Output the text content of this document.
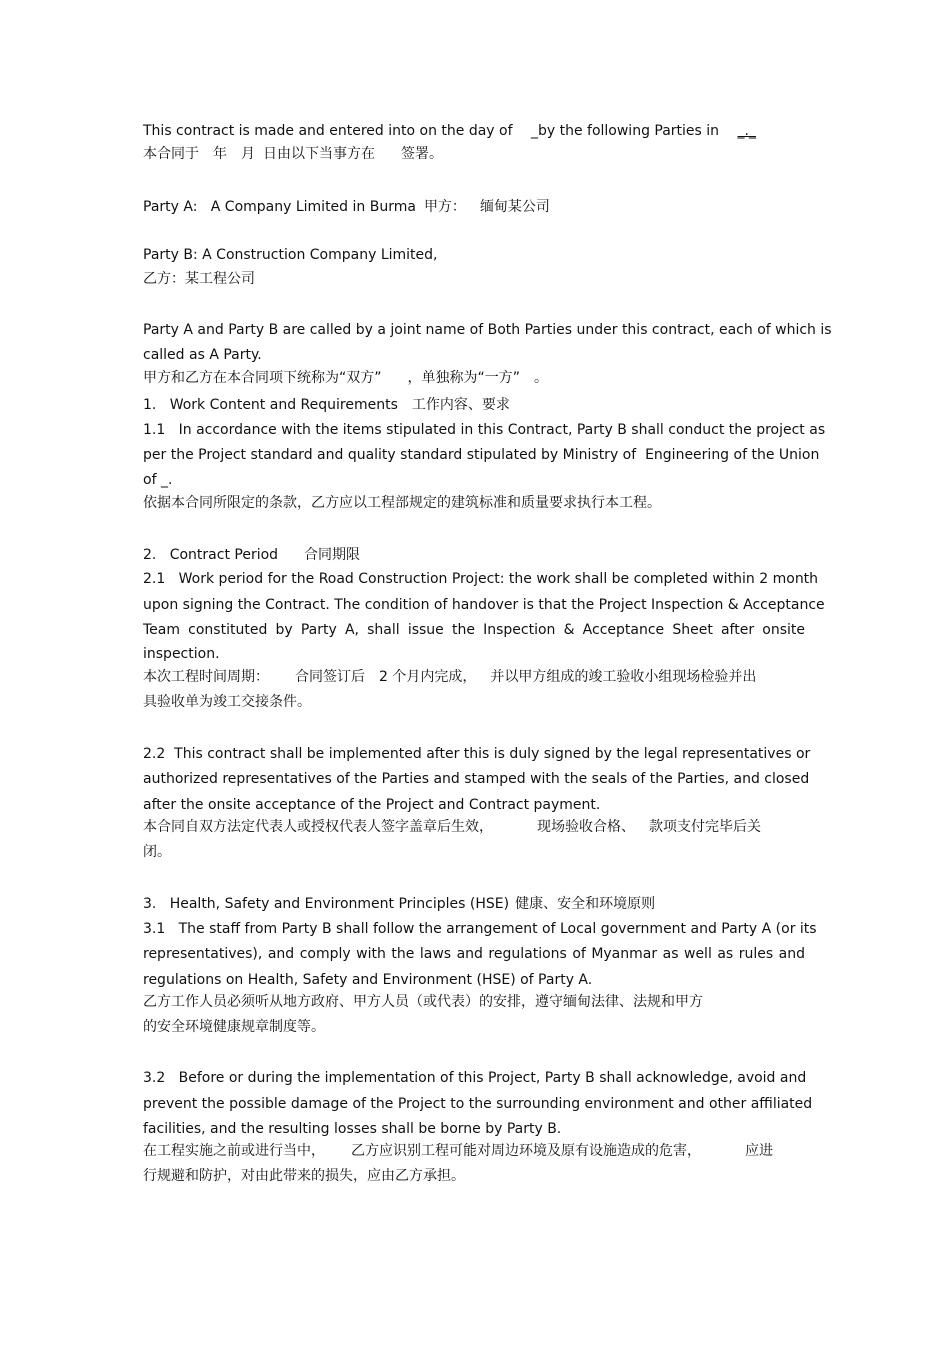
This contract is made and entered into on the day of _by the following Parties in _._
本合同于 年 月 日由以下当事方在 签署。
Party A:   A Company Limited in Burma 甲方： 缅甸某公司
Party B: A Construction Company Limited,
乙方：某工程公司
Party A and Party B are called by a joint name of Both Parties under this contract, each of which is
called as A Party.
甲方和乙方在本合同项下统称为“双方” ，单独称为“一方” 。
1.   Work Content and Requirements 工作内容、要求
1.1   In accordance with the items stipulated in this Contract, Party B shall conduct the project as
per the Project standard and quality standard stipulated by Ministry of  Engineering of the Union
of _.
依据本合同所限定的条款，乙方应以工程部规定的建筑标准和质量要求执行本工程。
2.   Contract Period 合同期限
2.1   Work period for the Road Construction Project: the work shall be completed within 2 month
upon signing the Contract. The condition of handover is that the Project Inspection & Acceptance
Team constituted by Party A, shall issue the Inspection & Acceptance Sheet after onsite
inspection.
本次工程时间周期： 合同签订后 2 个月内完成， 并以甲方组成的竣工验收小组现场检验并出
具验收单为竣工交接条件。
2.2  This contract shall be implemented after this is duly signed by the legal representatives or
authorized representatives of the Parties and stamped with the seals of the Parties, and closed
after the onsite acceptance of the Project and Contract payment.
本合同自双方法定代表人或授权代表人签字盖章后生效，	现场验收合格、 款项支付完毕后关
闭。
3.   Health, Safety and Environment Principles (HSE) 健康、安全和环境原则
3.1   The staff from Party B shall follow the arrangement of Local government and Party A (or its
representatives), and comply with the laws and regulations of Myanmar as well as rules and
regulations on Health, Safety and Environment (HSE) of Party A.
乙方工作人员必须听从地方政府、甲方人员（或代表）的安排，遵守缅甸法律、法规和甲方
的安全环境健康规章制度等。
3.2   Before or during the implementation of this Project, Party B shall acknowledge, avoid and
prevent the possible damage of the Project to the surrounding environment and other affiliated
facilities, and the resulting losses shall be borne by Party B.
在工程实施之前或进行当中， 乙方应识别工程可能对周边环境及原有设施造成的危害，	应进
行规避和防护，对由此带来的损失，应由乙方承担。
